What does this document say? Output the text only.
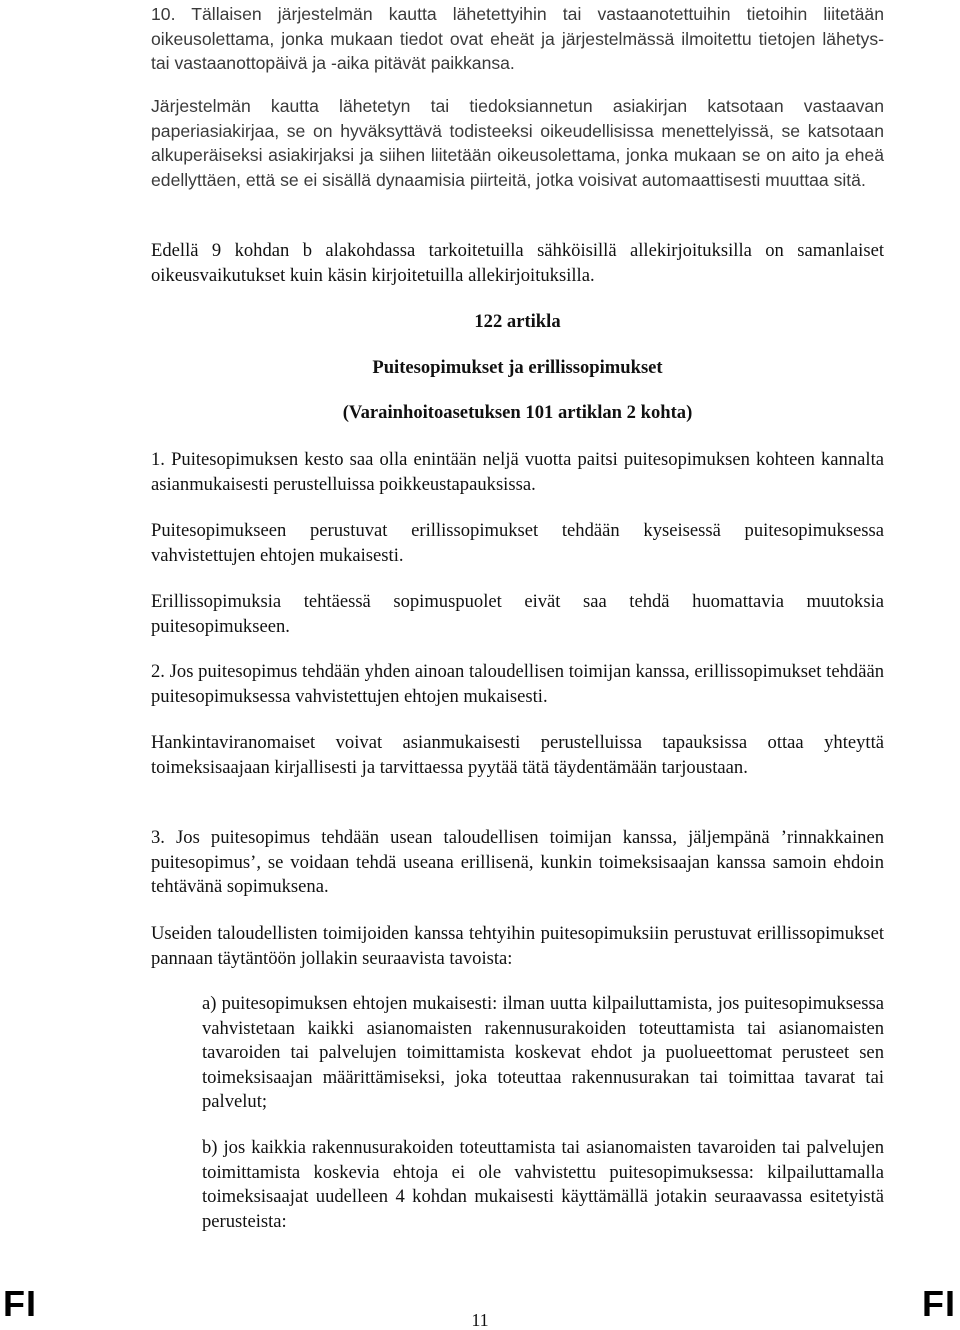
10. Tällaisen järjestelmän kautta lähetettyihin tai vastaanotettuihin tietoihin liitetään oikeusolettama, jonka mukaan tiedot ovat eheät ja järjestelmässä ilmoitettu tietojen lähetys- tai vastaanottopäivä ja -aika pitävät paikkansa.

Järjestelmän kautta lähetetyn tai tiedoksiannetun asiakirjan katsotaan vastaavan paperiasiakirjaa, se on hyväksyttävä todisteeksi oikeudellisissa menettelyissä, se katsotaan alkuperäiseksi asiakirjaksi ja siihen liitetään oikeusolettama, jonka mukaan se on aito ja eheä edellyttäen, että se ei sisällä dynaamisia piirteitä, jotka voisivat automaattisesti muuttaa sitä.

Edellä 9 kohdan b alakohdassa tarkoitetuilla sähköisillä allekirjoituksilla on samanlaiset oikeusvaikutukset kuin käsin kirjoitetuilla allekirjoituksilla.

122 artikla

Puitesopimukset ja erillissopimukset

(Varainhoitoasetuksen 101 artiklan 2 kohta)

1. Puitesopimuksen kesto saa olla enintään neljä vuotta paitsi puitesopimuksen kohteen kannalta asianmukaisesti perustelluissa poikkeustapauksissa.

Puitesopimukseen perustuvat erillissopimukset tehdään kyseisessä puitesopimuksessa vahvistettujen ehtojen mukaisesti.

Erillissopimuksia tehtäessä sopimuspuolet eivät saa tehdä huomattavia muutoksia puitesopimukseen.

2. Jos puitesopimus tehdään yhden ainoan taloudellisen toimijan kanssa, erillissopimukset tehdään puitesopimuksessa vahvistettujen ehtojen mukaisesti.

Hankintaviranomaiset voivat asianmukaisesti perustelluissa tapauksissa ottaa yhteyttä toimeksisaajaan kirjallisesti ja tarvittaessa pyytää tätä täydentämään tarjoustaan.

3. Jos puitesopimus tehdään usean taloudellisen toimijan kanssa, jäljempänä ’rinnakkainen puitesopimus’, se voidaan tehdä useana erillisenä, kunkin toimeksisaajan kanssa samoin ehdoin tehtävänä sopimuksena.

Useiden taloudellisten toimijoiden kanssa tehtyihin puitesopimuksiin perustuvat erillissopimukset pannaan täytäntöön jollakin seuraavista tavoista:

a) puitesopimuksen ehtojen mukaisesti: ilman uutta kilpailuttamista, jos puitesopimuksessa vahvistetaan kaikki asianomaisten rakennusurakoiden toteuttamista tai asianomaisten tavaroiden tai palvelujen toimittamista koskevat ehdot ja puolueettomat perusteet sen toimeksisaajan määrittämiseksi, joka toteuttaa rakennusurakan tai toimittaa tavarat tai palvelut;

b) jos kaikkia rakennusurakoiden toteuttamista tai asianomaisten tavaroiden tai palvelujen toimittamista koskevia ehtoja ei ole vahvistettu puitesopimuksessa: kilpailuttamalla toimeksisaajat uudelleen 4 kohdan mukaisesti käyttämällä jotakin seuraavassa esitetyistä perusteista:

FI	11	FI
